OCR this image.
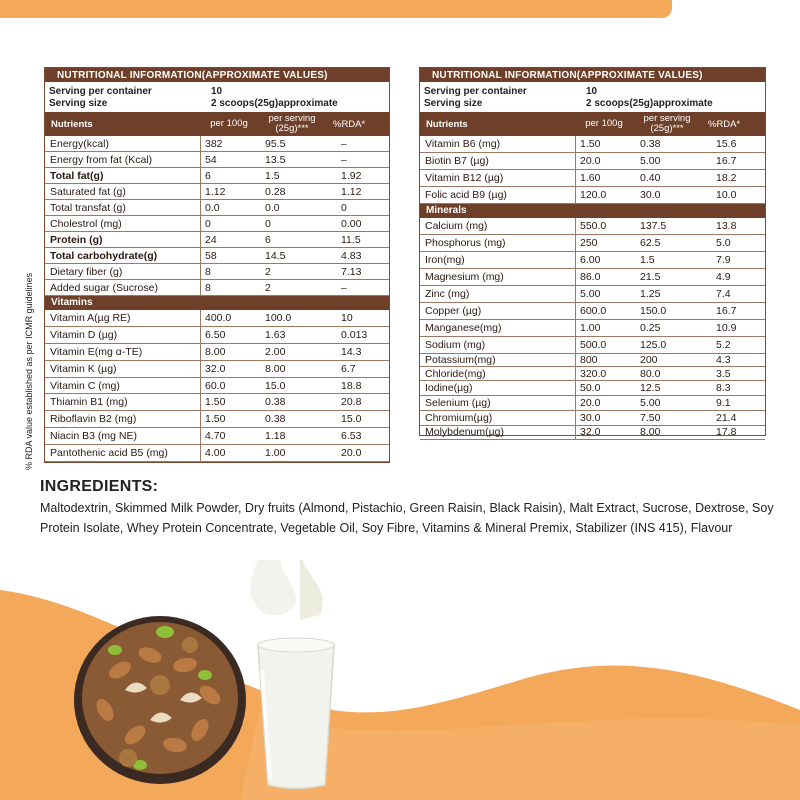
NUTRITIONAL INFORMATION(APPROXIMATE VALUES)
Serving per container	10
Serving size	2 scoops(25g)approximate
Nutrients	per 100g	per serving (25g)***	%RDA*
Energy(kcal)	382	95.5	–
Energy from fat (Kcal)	54	13.5	–
Total fat(g)	6	1.5	1.92
Saturated fat (g)	1.12	0.28	1.12
Total transfat (g)	0.0	0.0	0
Cholestrol (mg)	0	0	0.00
Protein (g)	24	6	11.5
Total carbohydrate(g)	58	14.5	4.83
Dietary fiber (g)	8	2	7.13
Added sugar (Sucrose)	8	2	–
Vitamins
Vitamin A(µg RE)	400.0	100.0	10
Vitamin D (µg)	6.50	1.63	0.013
Vitamin E(mg α-TE)	8.00	2.00	14.3
Vitamin K (µg)	32.0	8.00	6.7
Vitamin C (mg)	60.0	15.0	18.8
Thiamin B1 (mg)	1.50	0.38	20.8
Riboflavin B2 (mg)	1.50	0.38	15.0
Niacin B3 (mg NE)	4.70	1.18	6.53
Pantothenic acid B5 (mg)	4.00	1.00	20.0
NUTRITIONAL INFORMATION(APPROXIMATE VALUES)
Serving per container	10
Serving size	2 scoops(25g)approximate
Nutrients	per 100g	per serving (25g)***	%RDA*
Vitamin B6 (mg)	1.50	0.38	15.6
Biotin B7 (µg)	20.0	5.00	16.7
Vitamin B12 (µg)	1.60	0.40	18.2
Folic acid B9 (µg)	120.0	30.0	10.0
Minerals
Calcium (mg)	550.0	137.5	13.8
Phosphorus (mg)	250	62.5	5.0
Iron(mg)	6.00	1.5	7.9
Magnesium (mg)	86.0	21.5	4.9
Zinc (mg)	5.00	1.25	7.4
Copper (µg)	600.0	150.0	16.7
Manganese(mg)	1.00	0.25	10.9
Sodium (mg)	500.0	125.0	5.2
Potassium(mg)	800	200	4.3
Chloride(mg)	320.0	80.0	3.5
Iodine(µg)	50.0	12.5	8.3
Selenium (µg)	20.0	5.00	9.1
Chromium(µg)	30.0	7.50	21.4
Molybdenum(µg)	32.0	8.00	17.8
% RDA value established as per ICMR guidelines
INGREDIENTS:
Maltodextrin, Skimmed Milk Powder, Dry fruits (Almond, Pistachio, Green Raisin, Black Raisin), Malt Extract, Sucrose, Dextrose, Soy Protein Isolate, Whey Protein Concentrate, Vegetable Oil, Soy Fibre, Vitamins & Mineral Premix, Stabilizer (INS 415), Flavour
